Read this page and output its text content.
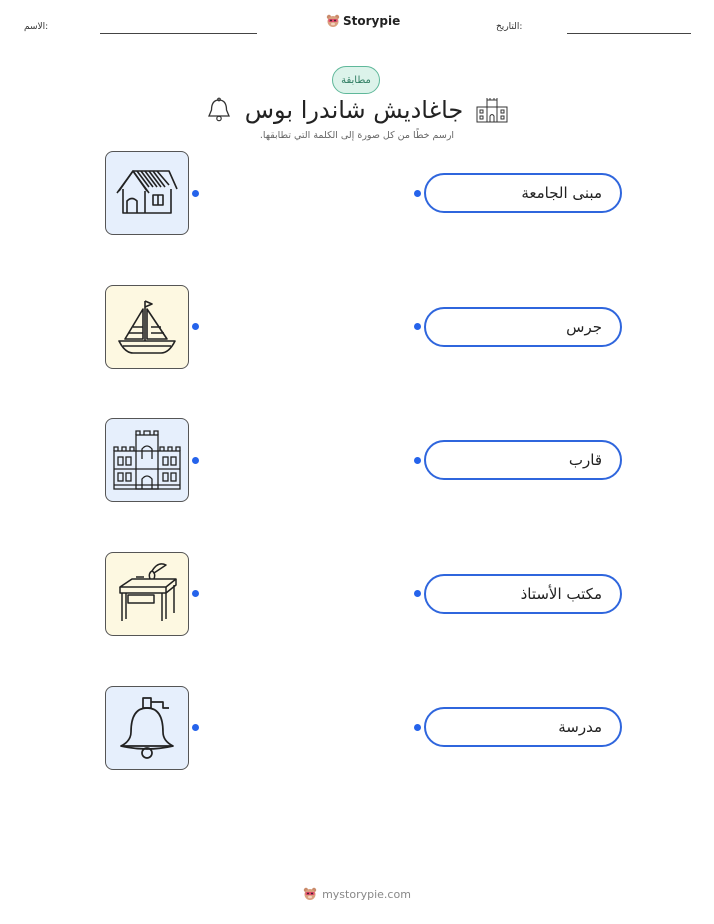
الاسم:	Storypie	التاريخ:
مطابقة
جاغاديش شاندرا بوس
ارسم خطًا من كل صورة إلى الكلمة التي تطابقها.
مبنى الجامعة
جرس
قارب
مكتب الأستاذ
مدرسة
mystorypie.com
